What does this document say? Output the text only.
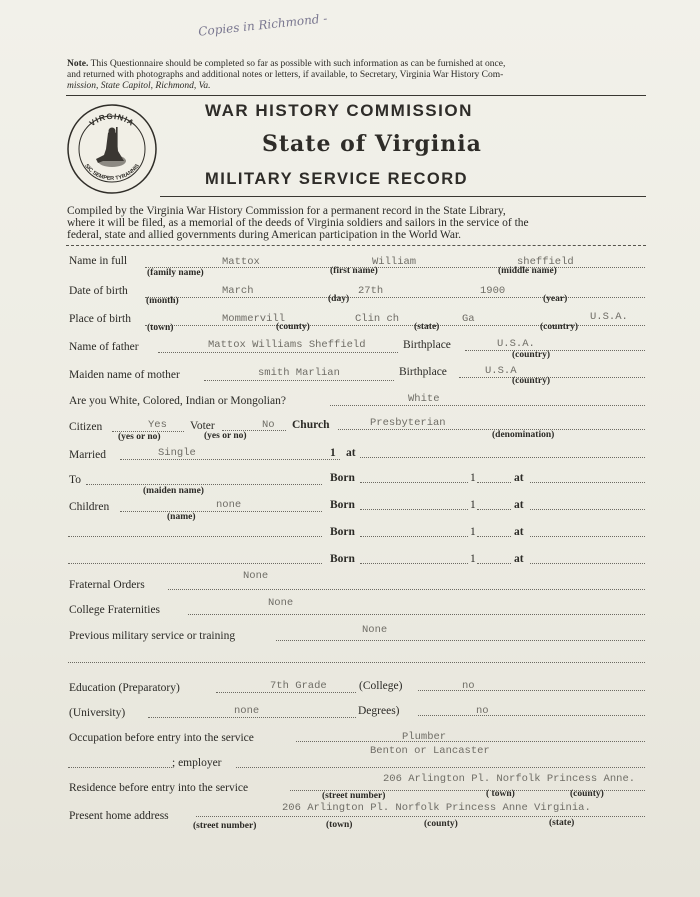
Copies in Richmond -
Note. This Questionnaire should be completed so far as possible with such information as can be furnished at once,
and returned with photographs and additional notes or letters, if available, to Secretary, Virginia War History Com-
mission, State Capitol, Richmond, Va.
VIRGINIA
SIC SEMPER TYRANNIS
WAR HISTORY COMMISSION
State of Virginia
MILITARY SERVICE RECORD
Compiled by the Virginia War History Commission for a permanent record in the State Library,
where it will be filed, as a memorial of the deeds of Virginia soldiers and sailors in the service of the
federal, state and allied governments during American participation in the World War.
Name in full	Mattox	William	sheffield
(family name)	(first name)	(middle name)
Date of birth	March	27th	1900
(month)	(day)	(year)
Place of birth	Mommervill	Clin ch	Ga	U.S.A.
(town)	(county)	(state)	(country)
Name of father	Mattox Williams Sheffield	Birthplace	U.S.A.
(country)
Maiden name of mother	smith Marlian	Birthplace	U.S.A
(country)
Are you White, Colored, Indian or Mongolian?	White
Citizen	Yes Voter	No Church	Presbyterian
(yes or no)	(yes or no)	(denomination)
Married	Single	1 at
To	Born	1	at
(maiden name)
Children	none	Born	1	at
(name)
Born	1	at
Born	1	at
Fraternal Orders
None
College Fraternities
None
Previous military service or training	None
Education (Preparatory)	7th Grade	(College)	no
(University)	none	Degrees)	no
Occupation before entry into the service	Plumber
Benton or Lancaster
; employer
Residence before entry into the service
206 Arlington Pl. Norfolk Princess Anne.
(street number)	( town)	(county)
Present home address
206 Arlington Pl. Norfolk Princess Anne Virginia.
(street number)	(town)	(county)	(state)
